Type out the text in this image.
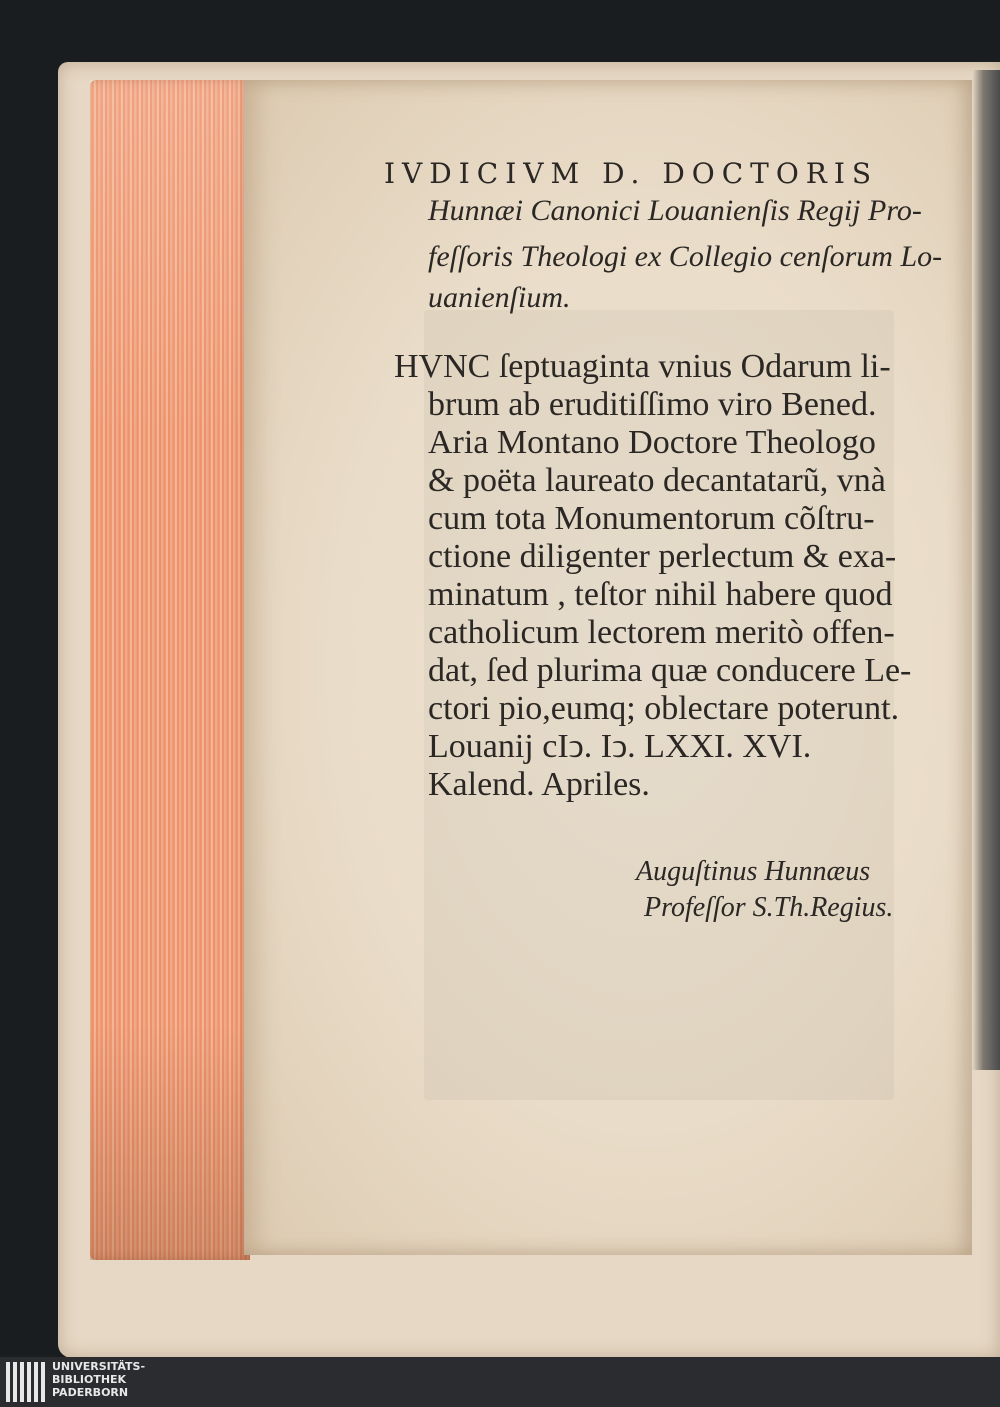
IVDICIVM D. DOCTORIS
Hunnæi Canonici Louanienſis Regij Pro-
feſſoris Theologi ex Collegio cenſorum Lo-
uanienſium.
HVNC ſeptuaginta vnius Odarum li-
brum ab eruditiſſimo viro Bened.
Aria Montano Doctore Theologo
& poëta laureato decantatarũ, vnà
cum tota Monumentorum cõſtru-
ctione diligenter perlectum & exa-
minatum , teſtor nihil habere quod
catholicum lectorem meritò offen-
dat, ſed plurima quæ conducere Le-
ctori pio,eumq; oblectare poterunt.
Louanij cIↄ. Iↄ. LXXI. XVI.
Kalend. Apriles.
Auguſtinus Hunnæus
Profeſſor S.Th.Regius.
UNIVERSITÄTS-
BIBLIOTHEK
PADERBORN
